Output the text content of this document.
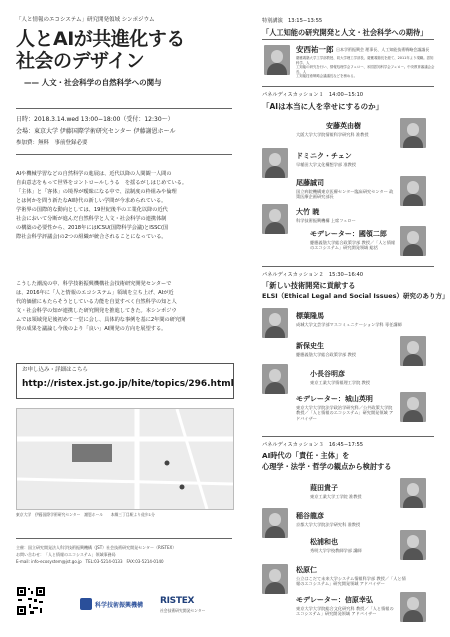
「人と情報のエコシステム」研究開発領域 シンポジウム
人とAIが共進化する
社会のデザイン
—— 人文・社会科学の自然科学への関与
日時：2018.3.14.wed 13:00−18:00（受付：12:30〜）
会場：東京大学 伊藤国際学術研究センター 伊藤謝恩ホール
参加費：無料　事前登録必要
AIや機械学習などの自然科学の進展は、近代以降の人間観一人間の
自由意志をもって世界をコントロールしうる　を揺るがしはじめている。
「主体」と「客体」の境界が曖昧になる中で、法制度の枠組みや倫理
とは何かを問う新たなAI時代の新しい学問が今求められている。
学術界の国際的な動向としては、19世紀後半の工業化以降の近代
社会において分断が進んだ自然科学と人文・社会科学の連携体制
の構築の必要性から、2018年にはICSU(国際科学会議)とISSC(国
際社会科学評議会)の2つの組織が統合されることになっている。
こうした潮流の中、科学技術振興機構社会技術研究開発センターで
は、2016年に「人と情報のエコシステム」領域を立ち上げ、AIが近
代的価値にもたらそうとしている力能を自覚すべく自然科学の知と人
文・社会科学の知が連携した研究開発を推進してきた。本シンポジウ
ムでは領域発足後初めて一堂に会し、具体的な事例を基に2年間の研究開
発の成果を議論し今後のより「良い」AI開発の方向を展望する。
お申し込み・詳細はこちら
http://ristex.jst.go.jp/hite/topics/296.html
東京大学　伊藤国際学術研究センター　謝恩ホール　　本郷三丁目駅より徒歩1分
主催：国立研究開発法人科学技術振興機構（JST）社会技術研究開発センター（RISTEX）
お問い合わせ：「人と情報のエコシステム」領域事務局
E-mail: info-ecosystem@jst.go.jp　TEL:03-5214-0133　FAX:03-5214-0140
科学技術振興機構 RISTEX
社会技術研究開発センター
特別講演　13:15−13:55
「人工知能の研究開発と人文・社会科学への期待」
安西祐一郎 日本学術振興会 理事長、人工知能技術戦略会議議長
慶應義塾大学工学部教授、同大学理工学部長、慶應義塾長を経て、2011年より現職。認知科学、人
工知能の研究を行い、情報処理学会フェロー、米国認知科学会フェロー。中央教育審議会会長、人
工知能技術戦略会議議長などを務める。
パネルディスカッション１　14:00−15:10
「AIは本当に人を幸せにするのか」
安藤英由樹
大阪大学大学院情報科学研究科 准教授
ドミニク・チェン
早稲田大学文化構想学部 准教授
尾藤誠司
国立病院機構東京医療センター臨床研究センター 政策医療企画研究部長
大竹 暁
科学技術振興機構 上席フェロー
モデレーター：國領二郎
慶應義塾大学総合政策学部 教授／「人と情報のエコシステム」研究開発領域 総括
パネルディスカッション２　15:30−16:40
「新しい技術開発に貢献する
ELSI（Ethical Legal and Social Issues）研究のあり方」
標葉隆馬
成城大学文芸学部マスコミュニケーション学科 専任講師
新保史生
慶應義塾大学総合政策学部 教授
小長谷明彦
東京工業大学情報理工学院 教授
モデレーター：城山英明
東京大学大学院法学政治学研究科／公共政策大学院 教授／「人と情報のエコシステム」研究開発領域 アドバイザー
パネルディスカッション３　16:45−17:55
AI時代の「責任・主体」を
心理学・法学・哲学の観点から検討する
葭田貴子
東京工業大学工学院 准教授
稲谷龍彦
京都大学大学院法学研究科 准教授
松浦和也
秀明大学学校教師学部 講師
松原仁
公立はこだて未来大学システム情報科学部 教授／「人と情報のエコシステム」研究開発領域 アドバイザー
モデレーター：信原幸弘
東京大学大学院総合文化研究科 教授／「人と情報のエコシステム」研究開発領域 アドバイザー
